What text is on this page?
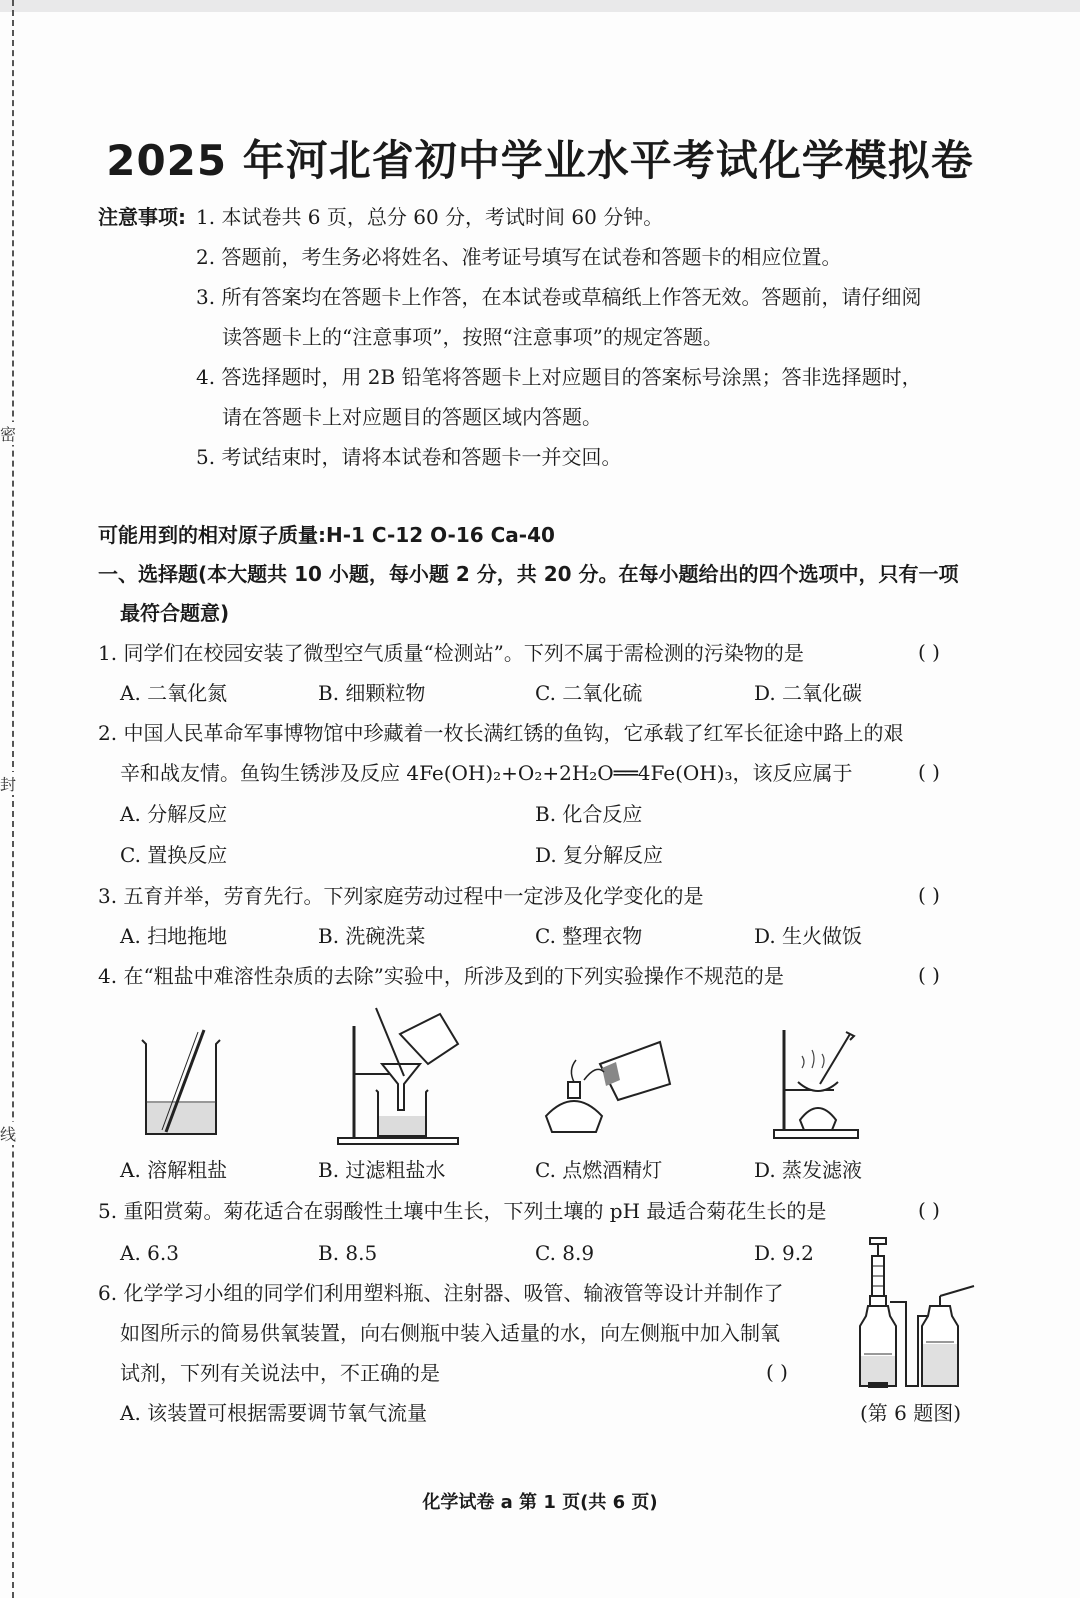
密
封
线
2025 年河北省初中学业水平考试化学模拟卷
注意事项: 1. 本试卷共 6 页，总分 60 分，考试时间 60 分钟。
2. 答题前，考生务必将姓名、准考证号填写在试卷和答题卡的相应位置。
3. 所有答案均在答题卡上作答，在本试卷或草稿纸上作答无效。答题前，请仔细阅
读答题卡上的“注意事项”，按照“注意事项”的规定答题。
4. 答选择题时，用 2B 铅笔将答题卡上对应题目的答案标号涂黑；答非选择题时，
请在答题卡上对应题目的答题区域内答题。
5. 考试结束时，请将本试卷和答题卡一并交回。
可能用到的相对原子质量:H-1 C-12 O-16 Ca-40
一、选择题(本大题共 10 小题，每小题 2 分，共 20 分。在每小题给出的四个选项中，只有一项
最符合题意)
1. 同学们在校园安装了微型空气质量“检测站”。下列不属于需检测的污染物的是	( )
A. 二氧化氮	B. 细颗粒物	C. 二氧化硫	D. 二氧化碳
2. 中国人民革命军事博物馆中珍藏着一枚长满红锈的鱼钩，它承载了红军长征途中路上的艰
辛和战友情。鱼钩生锈涉及反应 4Fe(OH)₂+O₂+2H₂O══4Fe(OH)₃，该反应属于	( )
A. 分解反应	B. 化合反应
C. 置换反应	D. 复分解反应
3. 五育并举，劳育先行。下列家庭劳动过程中一定涉及化学变化的是	( )
A. 扫地拖地	B. 洗碗洗菜	C. 整理衣物	D. 生火做饭
4. 在“粗盐中难溶性杂质的去除”实验中，所涉及到的下列实验操作不规范的是	( )
A. 溶解粗盐	B. 过滤粗盐水	C. 点燃酒精灯	D. 蒸发滤液
5. 重阳赏菊。菊花适合在弱酸性土壤中生长，下列土壤的 pH 最适合菊花生长的是	( )
A. 6.3	B. 8.5	C. 8.9	D. 9.2
6. 化学学习小组的同学们利用塑料瓶、注射器、吸管、输液管等设计并制作了
如图所示的简易供氧装置，向右侧瓶中装入适量的水，向左侧瓶中加入制氧
试剂，下列有关说法中，不正确的是	( )
A. 该装置可根据需要调节氧气流量	(第 6 题图)
化学试卷 a 第 1 页(共 6 页)
